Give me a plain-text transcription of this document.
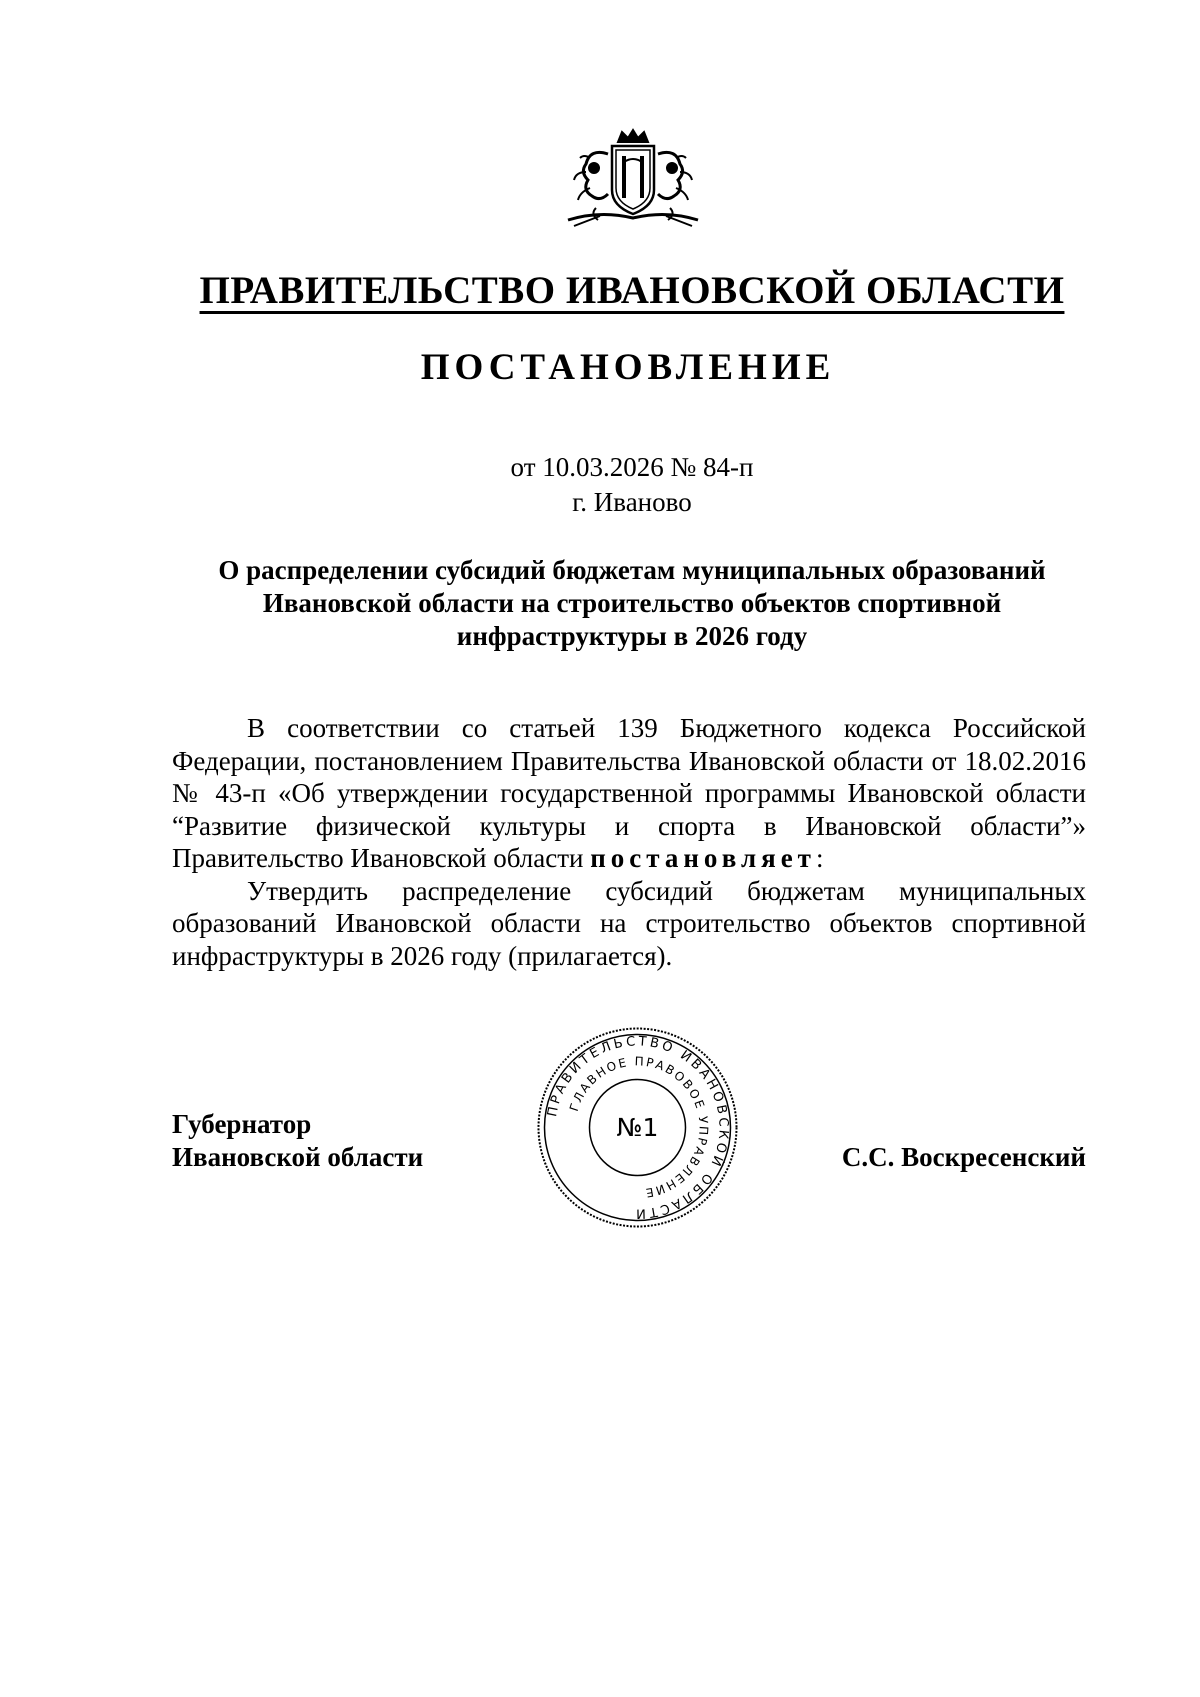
ПРАВИТЕЛЬСТВО ИВАНОВСКОЙ ОБЛАСТИ
ПОСТАНОВЛЕНИЕ
от 10.03.2026 № 84-п
г. Иваново
О распределении субсидий бюджетам муниципальных образований
Ивановской области на строительство объектов спортивной
инфраструктуры в 2026 году

В соответствии со статьей 139 Бюджетного кодекса Российской Федерации, постановлением Правительства Ивановской области от 18.02.2016 № 43-п «Об утверждении государственной программы Ивановской области “Развитие физической культуры и спорта в Ивановской области”» Правительство Ивановской области постановляет:

Утвердить распределение субсидий бюджетам муниципальных образований Ивановской области на строительство объектов спортивной инфраструктуры в 2026 году (прилагается).

Губернатор
Ивановской области	С.С. Воскресенский
ПРАВИТЕЛЬСТВО ИВАНОВСКОЙ ОБЛАСТИ
ГЛАВНОЕ ПРАВОВОЕ УПРАВЛЕНИЕ
№1
